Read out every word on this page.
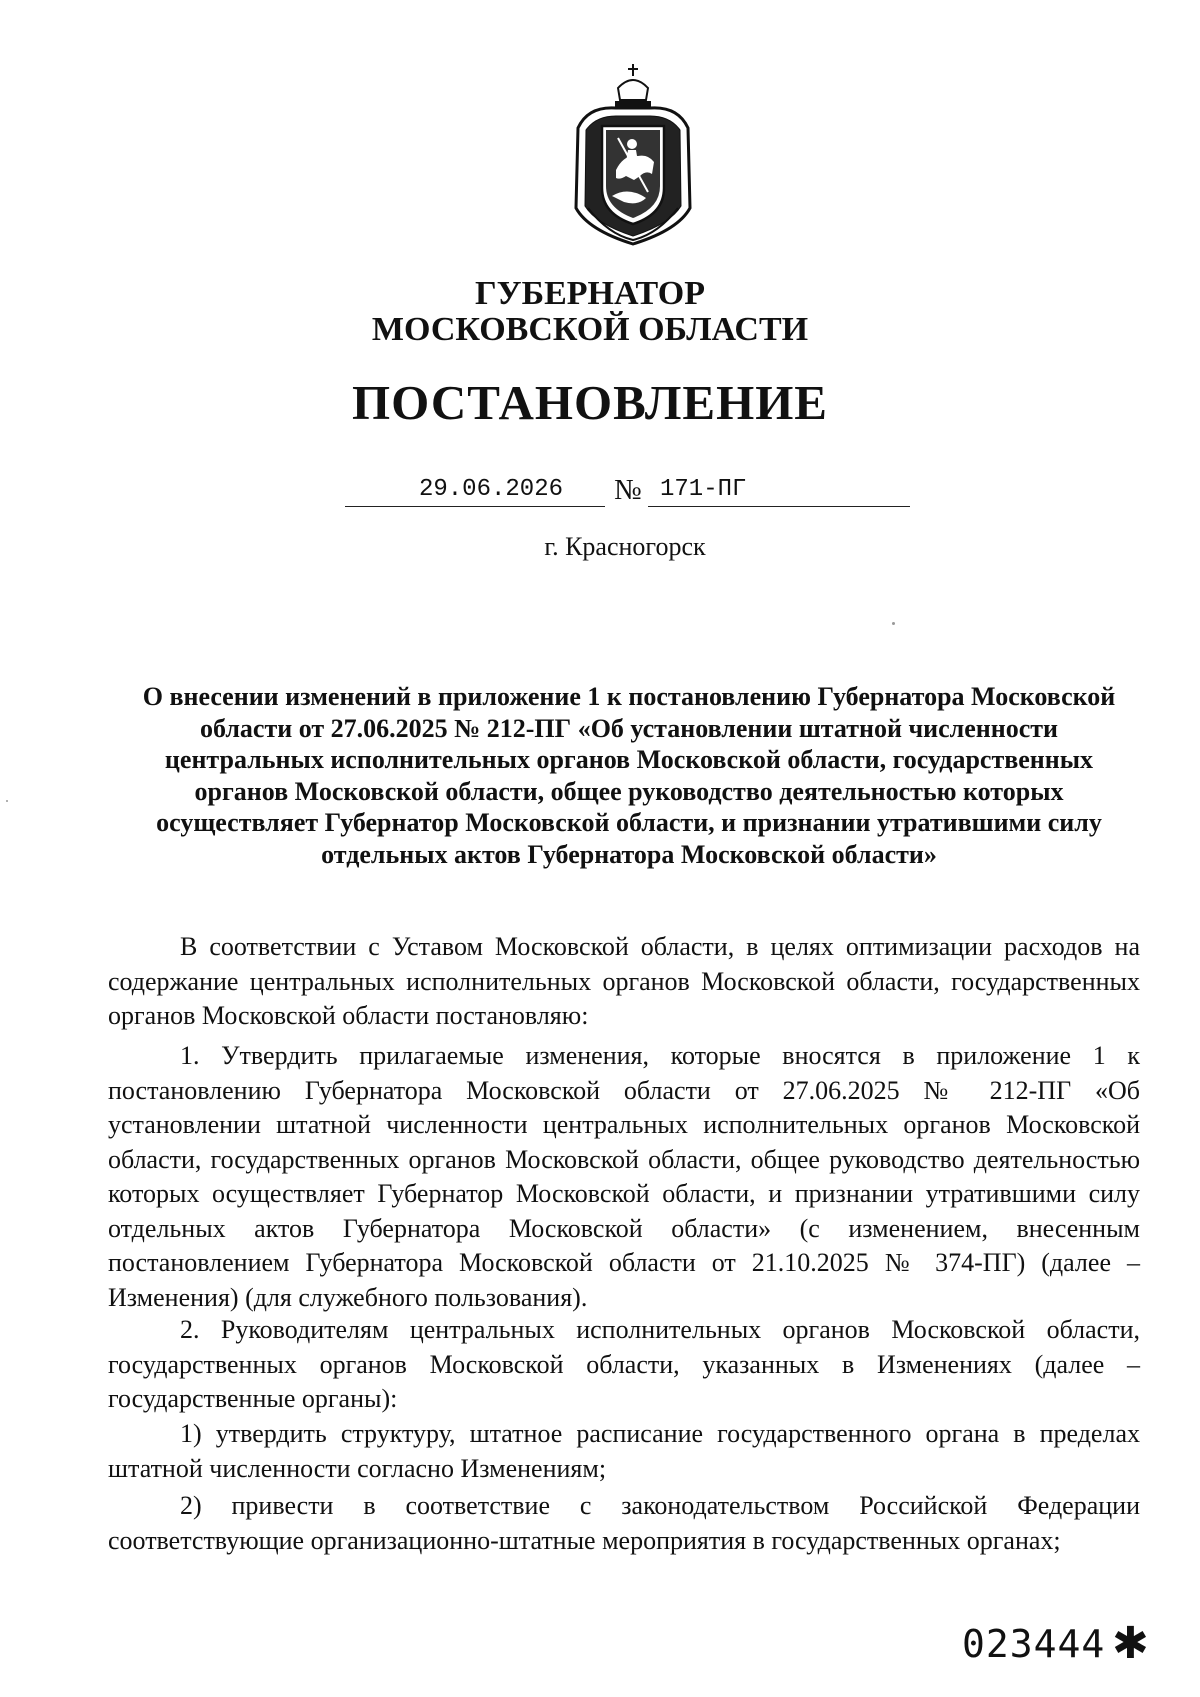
ГУБЕРНАТОР
МОСКОВСКОЙ ОБЛАСТИ
ПОСТАНОВЛЕНИЕ
29.06.2026 № 171-ПГ
г. Красногорск
О внесении изменений в приложение 1 к постановлению Губернатора Московской области от 27.06.2025 № 212-ПГ «Об установлении штатной численности центральных исполнительных органов Московской области, государственных органов Московской области, общее руководство деятельностью которых осуществляет Губернатор Московской области, и признании утратившими силу отдельных актов Губернатора Московской области»

В соответствии с Уставом Московской области, в целях оптимизации расходов на содержание центральных исполнительных органов Московской области, государственных органов Московской области постановляю:

1. Утвердить прилагаемые изменения, которые вносятся в приложение 1 к постановлению Губернатора Московской области от 27.06.2025 № 212-ПГ «Об установлении штатной численности центральных исполнительных органов Московской области, государственных органов Московской области, общее руководство деятельностью которых осуществляет Губернатор Московской области, и признании утратившими силу отдельных актов Губернатора Московской области» (с изменением, внесенным постановлением Губернатора Московской области от 21.10.2025 № 374-ПГ) (далее – Изменения) (для служебного пользования).

2. Руководителям центральных исполнительных органов Московской области, государственных органов Московской области, указанных в Изменениях (далее – государственные органы):

1) утвердить структуру, штатное расписание государственного органа в пределах штатной численности согласно Изменениям;

2) привести в соответствие с законодательством Российской Федерации соответствующие организационно-штатные мероприятия в государственных органах;

023444 ✱
